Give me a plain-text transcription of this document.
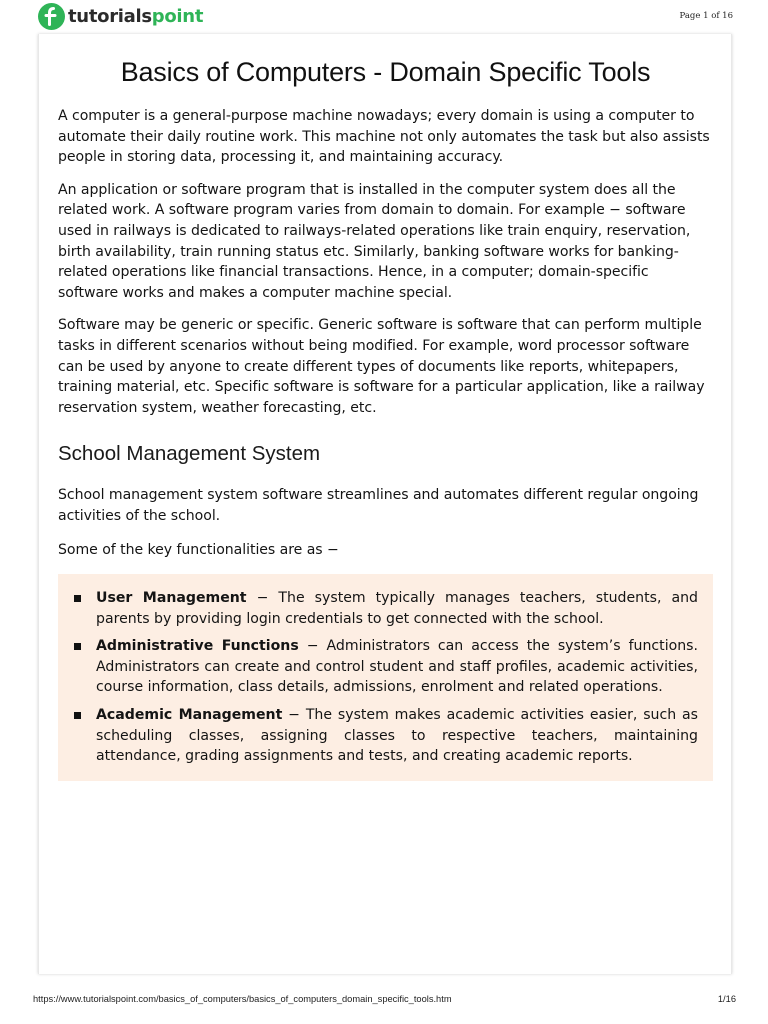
tutorialspoint	Page 1 of 16
Basics of Computers - Domain Specific Tools

A computer is a general-purpose machine nowadays; every domain is using a computer to automate their daily routine work. This machine not only automates the task but also assists people in storing data, processing it, and maintaining accuracy.

An application or software program that is installed in the computer system does all the related work. A software program varies from domain to domain. For example − software used in railways is dedicated to railways-related operations like train enquiry, reservation, birth availability, train running status etc. Similarly, banking software works for banking-related operations like financial transactions. Hence, in a computer; domain-specific software works and makes a computer machine special.

Software may be generic or specific. Generic software is software that can perform multiple tasks in different scenarios without being modified. For example, word processor software can be used by anyone to create different types of documents like reports, whitepapers, training material, etc. Specific software is software for a particular application, like a railway reservation system, weather forecasting, etc.

School Management System

School management system software streamlines and automates different regular ongoing activities of the school.

Some of the key functionalities are as −

User Management − The system typically manages teachers, students, and parents by providing login credentials to get connected with the school.
Administrative Functions − Administrators can access the system’s functions. Administrators can create and control student and staff profiles, academic activities, course information, class details, admissions, enrolment and related operations.
Academic Management − The system makes academic activities easier, such as scheduling classes, assigning classes to respective teachers, maintaining attendance, grading assignments and tests, and creating academic reports.
https://www.tutorialspoint.com/basics_of_computers/basics_of_computers_domain_specific_tools.htm	1/16
